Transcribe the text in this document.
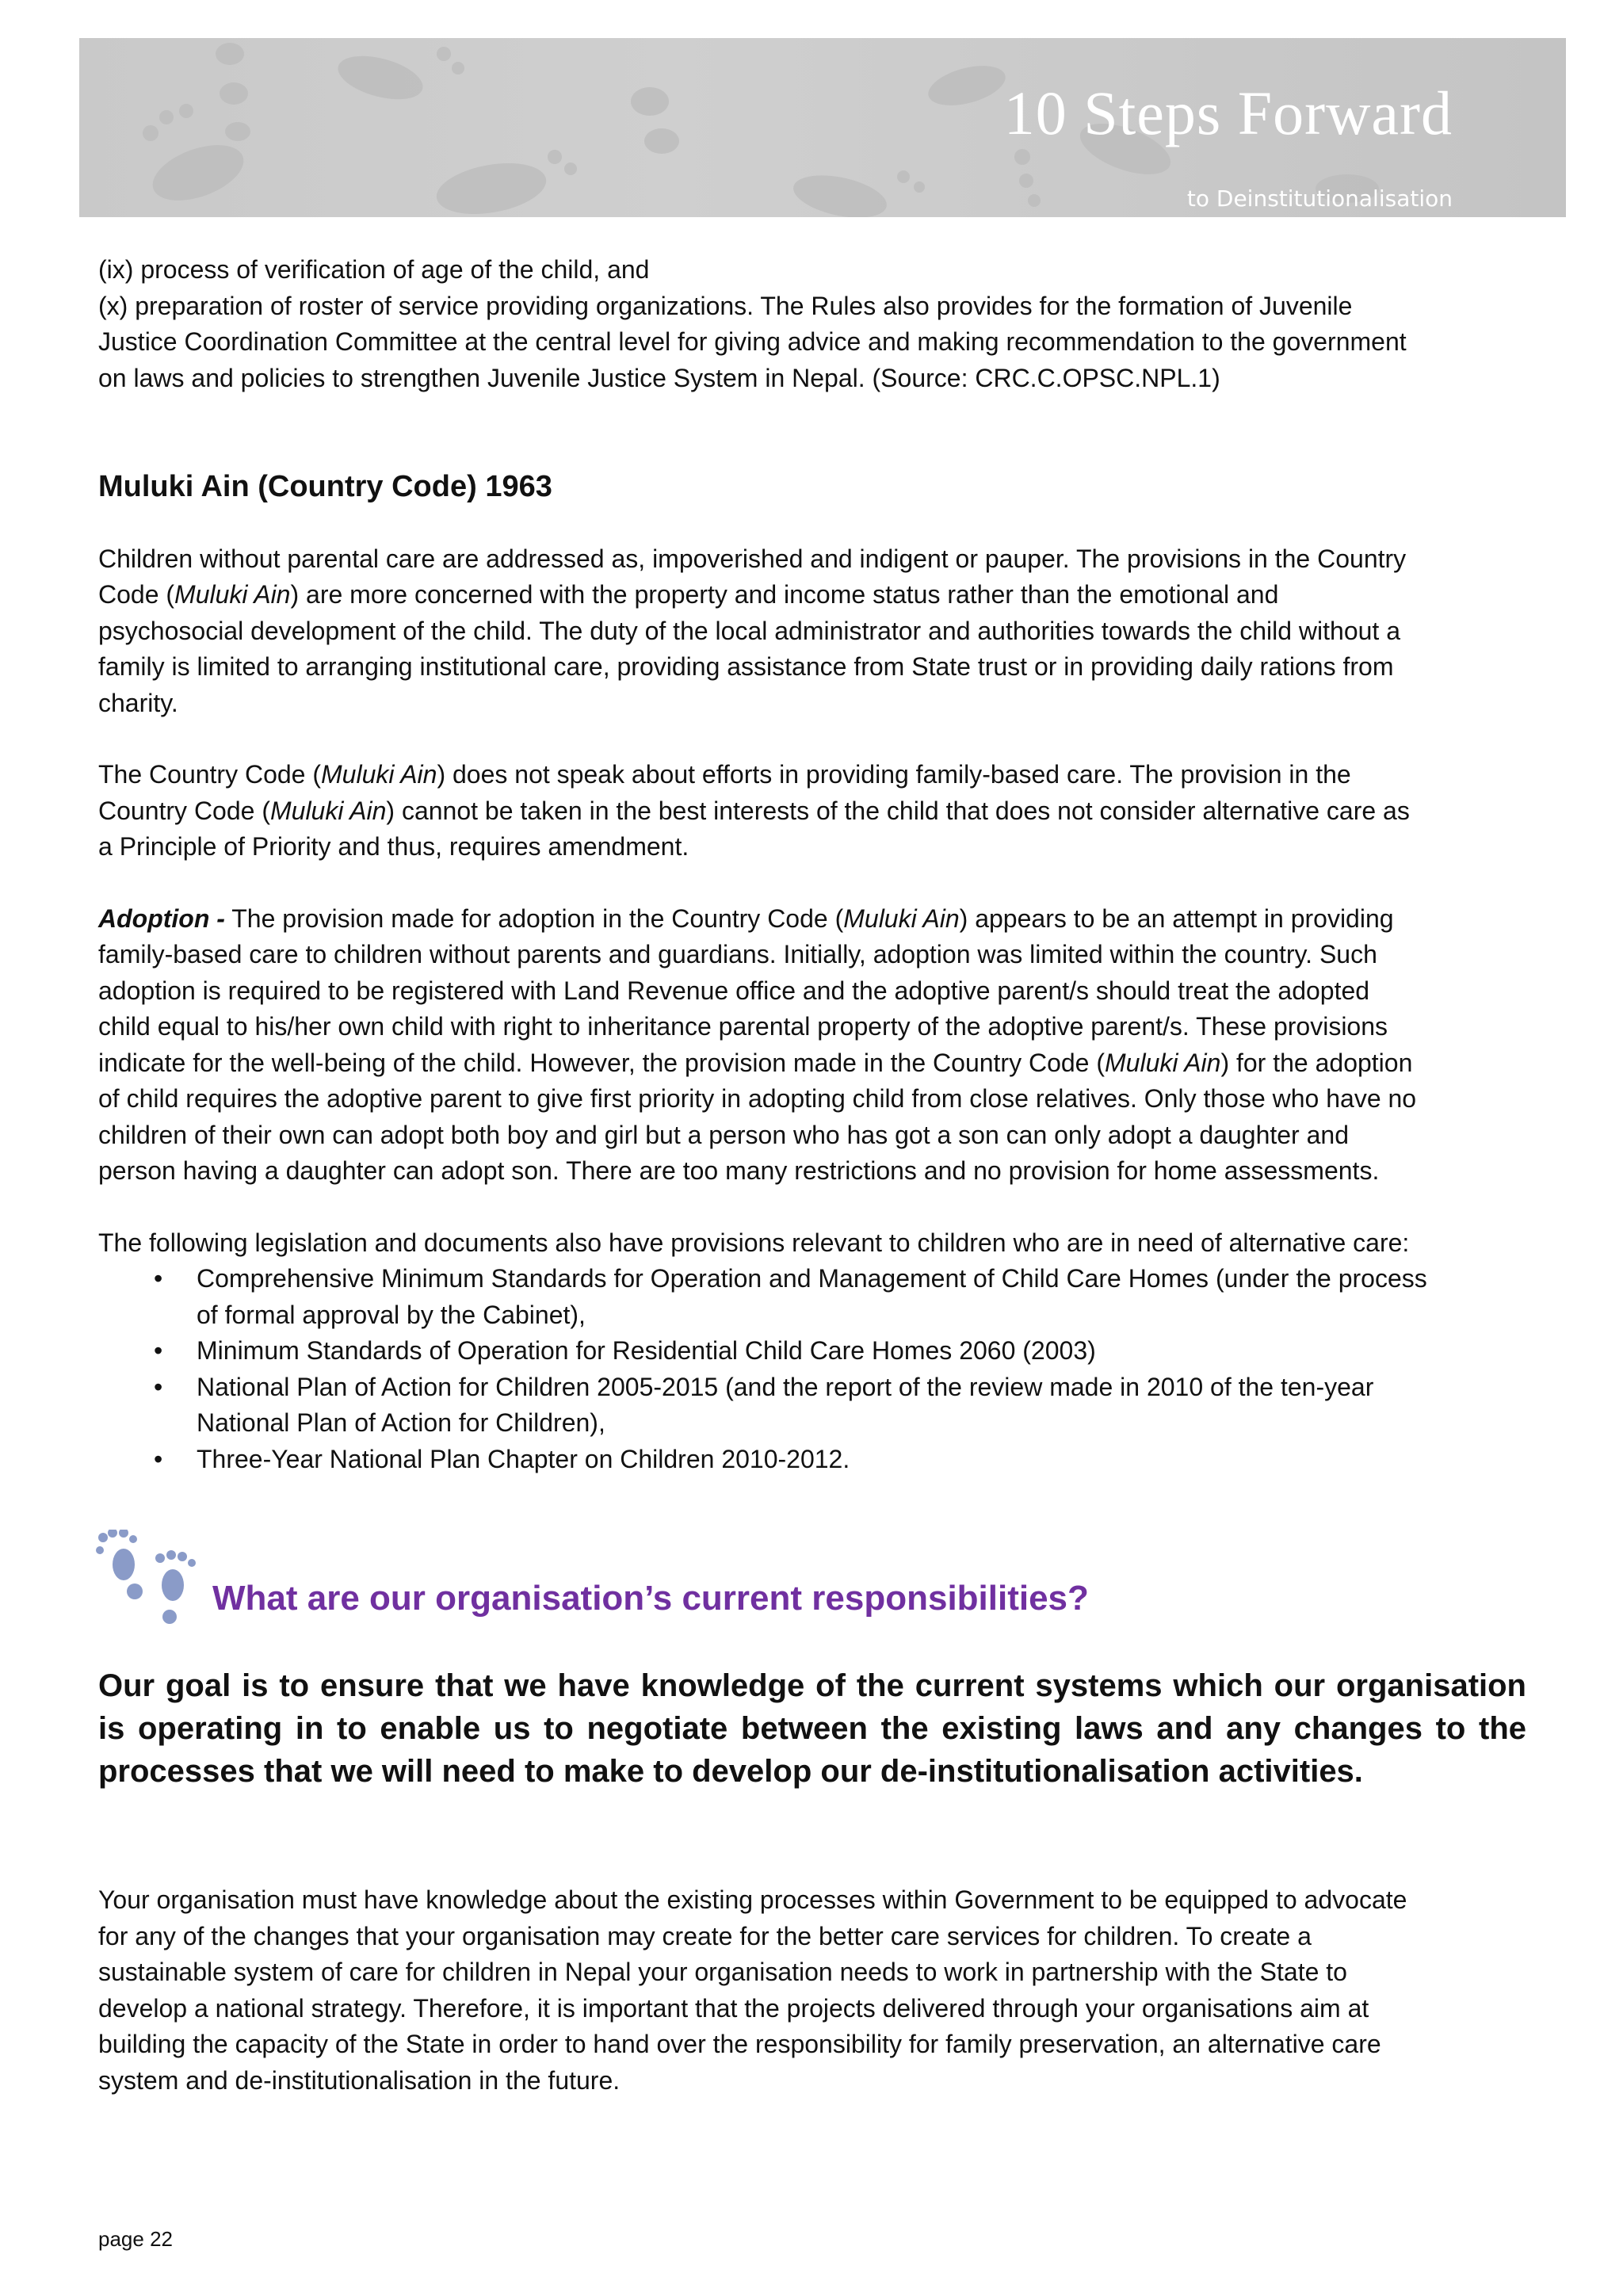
10 Steps Forward
to Deinstitutionalisation

(ix) process of verification of age of the child, and

(x) preparation of roster of service providing organizations. The Rules also provides for the formation of Juvenile

Justice Coordination Committee at the central level for giving advice and making recommendation to the government

on laws and policies to strengthen Juvenile Justice System in Nepal. (Source: CRC.C.OPSC.NPL.1)

Muluki Ain (Country Code) 1963

Children without parental care are addressed as, impoverished and indigent or pauper. The provisions in the Country

Code (Muluki Ain) are more concerned with the property and income status rather than the emotional and

psychosocial development of the child. The duty of the local administrator and authorities towards the child without a

family is limited to arranging institutional care, providing assistance from State trust or in providing daily rations from

charity.

The Country Code (Muluki Ain) does not speak about efforts in providing family-based care. The provision in the

Country Code (Muluki Ain) cannot be taken in the best interests of the child that does not consider alternative care as

a Principle of Priority and thus, requires amendment.

Adoption - The provision made for adoption in the Country Code (Muluki Ain) appears to be an attempt in providing

family-based care to children without parents and guardians. Initially, adoption was limited within the country. Such

adoption is required to be registered with Land Revenue office and the adoptive parent/s should treat the adopted

child equal to his/her own child with right to inheritance parental property of the adoptive parent/s. These provisions

indicate for the well-being of the child. However, the provision made in the Country Code (Muluki Ain) for the adoption

of child requires the adoptive parent to give first priority in adopting child from close relatives. Only those who have no

children of their own can adopt both boy and girl but a person who has got a son can only adopt a daughter and

person having a daughter can adopt son. There are too many restrictions and no provision for home assessments.

The following legislation and documents also have provisions relevant to children who are in need of alternative care:

• Comprehensive Minimum Standards for Operation and Management of Child Care Homes (under the process
of formal approval by the Cabinet),
• Minimum Standards of Operation for Residential Child Care Homes 2060 (2003)
• National Plan of Action for Children 2005-2015 (and the report of the review made in 2010 of the ten-year
National Plan of Action for Children),
• Three-Year National Plan Chapter on Children 2010-2012.
What are our organisation’s current responsibilities?

Our goal is to ensure that we have knowledge of the current systems which our organisation is operating in to enable us to negotiate between the existing laws and any changes to the processes that we will need to make to develop our de-institutionalisation activities.

Your organisation must have knowledge about the existing processes within Government to be equipped to advocate

for any of the changes that your organisation may create for the better care services for children. To create a

sustainable system of care for children in Nepal your organisation needs to work in partnership with the State to

develop a national strategy. Therefore, it is important that the projects delivered through your organisations aim at

building the capacity of the State in order to hand over the responsibility for family preservation, an alternative care

system and de-institutionalisation in the future.

page 22
